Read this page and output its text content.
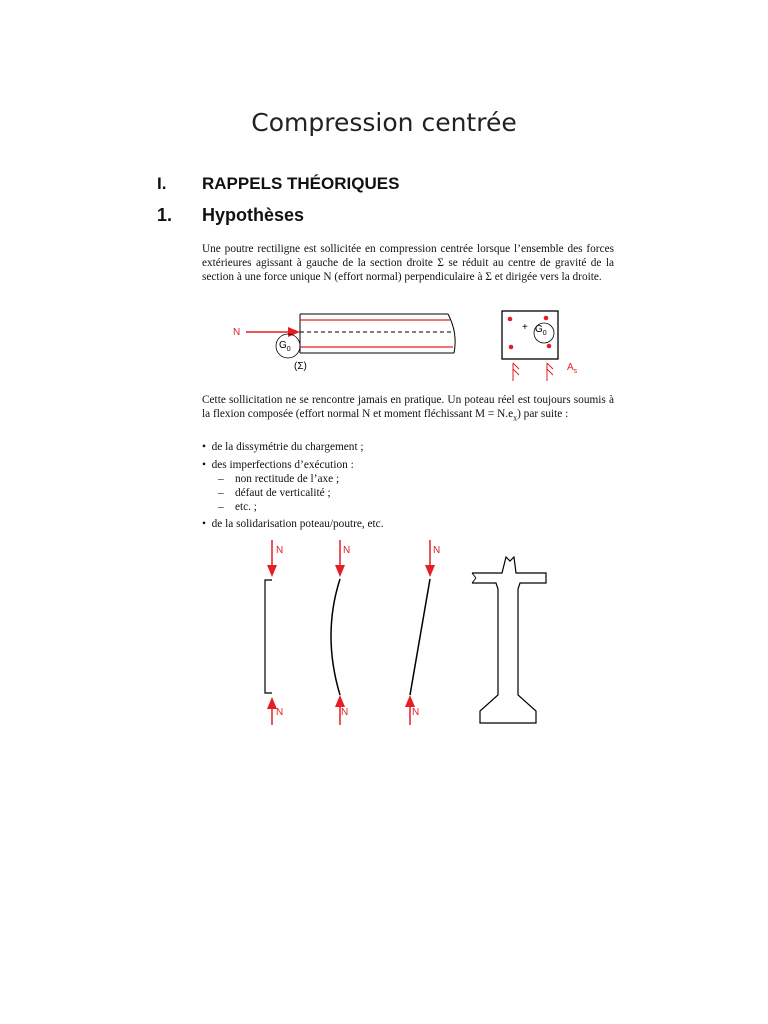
Compression centrée
I. RAPPELS THÉORIQUES
1. Hypothèses
Une poutre rectiligne est sollicitée en compression centrée lorsque l’ensemble des forces extérieures agissant à gauche de la section droite Σ se réduit au centre de gravité de la section à une force unique N (effort normal) perpendiculaire à Σ et dirigée vers la droite.
N
$G_0$
(Σ)
+ $G_0$
$A_s$
Cette sollicitation ne se rencontre jamais en pratique. Un poteau réel est toujours soumis à la flexion composée (effort normal N et moment fléchissant $M = N.e_x$) par suite :
•  de la dissymétrie du chargement ;
•  des imperfections d’exécution :
–    non rectitude de l’axe ;
–    défaut de verticalité ;
–    etc. ;
•  de la solidarisation poteau/poutre, etc.
N	N	N
N	N	N
